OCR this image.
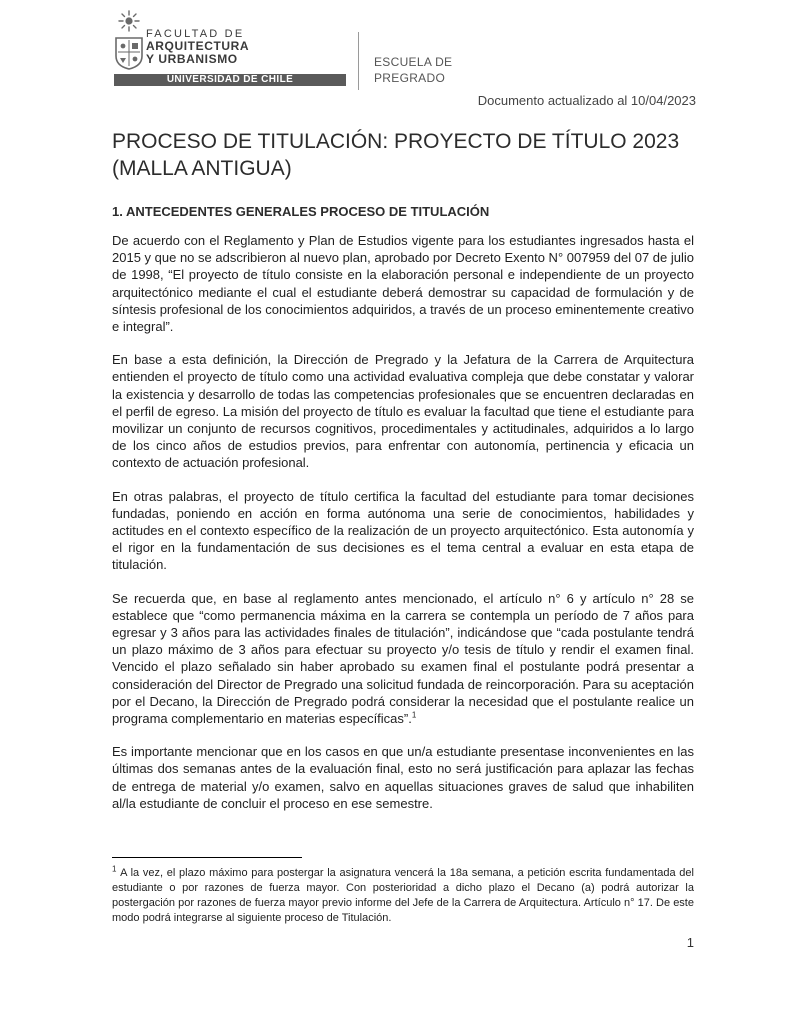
FACULTAD DE
ARQUITECTURA
Y URBANISMO
UNIVERSIDAD DE CHILE
ESCUELA DE
PREGRADO
Documento actualizado al 10/04/2023
PROCESO DE TITULACIÓN: PROYECTO DE TÍTULO 2023
(MALLA ANTIGUA)
1. ANTECEDENTES GENERALES PROCESO DE TITULACIÓN

De acuerdo con el Reglamento y Plan de Estudios vigente para los estudiantes ingresados hasta el 2015 y que no se adscribieron al nuevo plan, aprobado por Decreto Exento N° 007959 del 07 de julio de 1998, “El proyecto de título consiste en la elaboración personal e independiente de un proyecto arquitectónico mediante el cual el estudiante deberá demostrar su capacidad de formulación y de síntesis profesional de los conocimientos adquiridos, a través de un proceso eminentemente creativo e integral”.

En base a esta definición, la Dirección de Pregrado y la Jefatura de la Carrera de Arquitectura entienden el proyecto de título como una actividad evaluativa compleja que debe constatar y valorar la existencia y desarrollo de todas las competencias profesionales que se encuentren declaradas en el perfil de egreso. La misión del proyecto de título es evaluar la facultad que tiene el estudiante para movilizar un conjunto de recursos cognitivos, procedimentales y actitudinales, adquiridos a lo largo de los cinco años de estudios previos, para enfrentar con autonomía, pertinencia y eficacia un contexto de actuación profesional.

En otras palabras, el proyecto de título certifica la facultad del estudiante para tomar decisiones fundadas, poniendo en acción en forma autónoma una serie de conocimientos, habilidades y actitudes en el contexto específico de la realización de un proyecto arquitectónico. Esta autonomía y el rigor en la fundamentación de sus decisiones es el tema central a evaluar en esta etapa de titulación.

Se recuerda que, en base al reglamento antes mencionado, el artículo n° 6 y artículo n° 28 se establece que “como permanencia máxima en la carrera se contempla un período de 7 años para egresar y 3 años para las actividades finales de titulación”, indicándose que “cada postulante tendrá un plazo máximo de 3 años para efectuar su proyecto y/o tesis de título y rendir el examen final. Vencido el plazo señalado sin haber aprobado su examen final el postulante podrá presentar a consideración del Director de Pregrado una solicitud fundada de reincorporación. Para su aceptación por el Decano, la Dirección de Pregrado podrá considerar la necesidad que el postulante realice un programa complementario en materias específicas”.$^1$

Es importante mencionar que en los casos en que un/a estudiante presentase inconvenientes en las últimas dos semanas antes de la evaluación final, esto no será justificación para aplazar las fechas de entrega de material y/o examen, salvo en aquellas situaciones graves de salud que inhabiliten al/la estudiante de concluir el proceso en ese semestre.

$^1$ A la vez, el plazo máximo para postergar la asignatura vencerá la 18a semana, a petición escrita fundamentada del estudiante o por razones de fuerza mayor. Con posterioridad a dicho plazo el Decano (a) podrá autorizar la postergación por razones de fuerza mayor previo informe del Jefe de la Carrera de Arquitectura. Artículo n° 17. De este modo podrá integrarse al siguiente proceso de Titulación.

1
